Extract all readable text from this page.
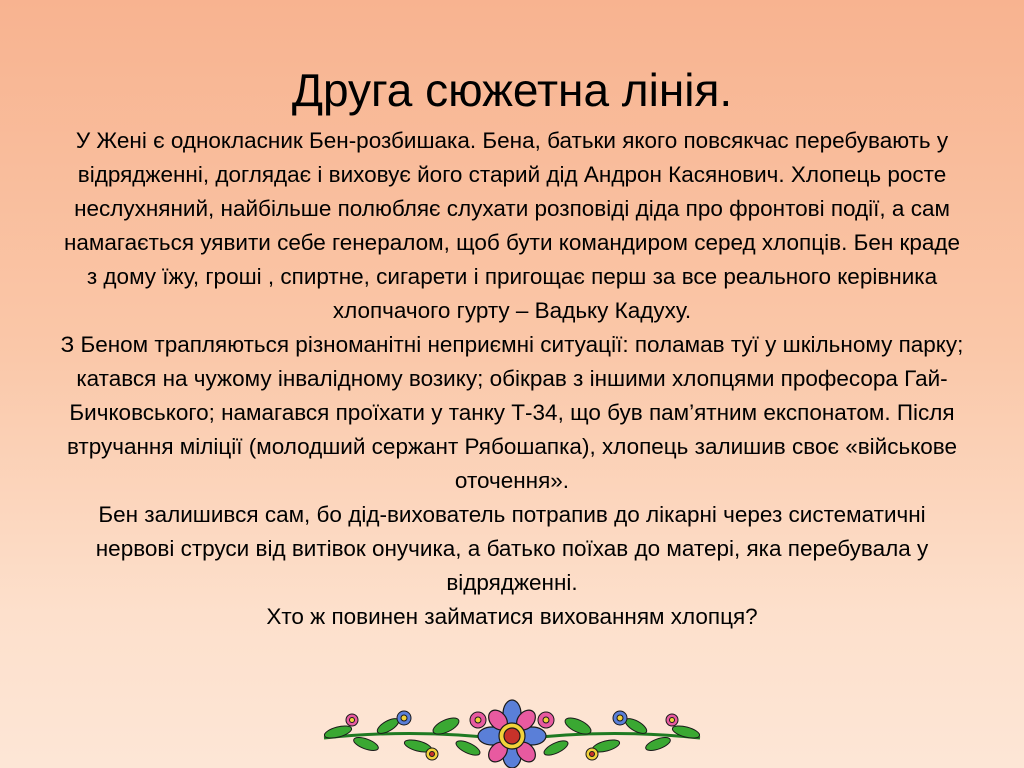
Друга сюжетна лінія.

У Жені є однокласник Бен-розбишака. Бена, батьки якого повсякчас перебувають у відрядженні, доглядає і виховує його старий дід Андрон Касянович. Хлопець росте неслухняний, найбільше полюбляє слухати розповіді діда про фронтові події, а сам намагається уявити себе генералом, щоб бути командиром серед хлопців. Бен краде з дому їжу, гроші , спиртне, сигарети і пригощає перш за все реального керівника хлопчачого гурту – Вадьку Кадуху.

З Беном трапляються різноманітні неприємні ситуації: поламав туї у шкільному парку; катався на чужому інвалідному возику; обікрав з іншими хлопцями професора Гай-Бичковського; намагався проїхати у танку Т-34, що був пам’ятним експонатом. Після втручання міліції (молодший сержант Рябошапка), хлопець залишив своє «військове оточення».

Бен залишився сам, бо дід-вихователь потрапив до лікарні через систематичні нервові струси від витівок онучика, а батько поїхав до матері, яка перебувала у відрядженні.

Хто ж повинен займатися вихованням хлопця?
